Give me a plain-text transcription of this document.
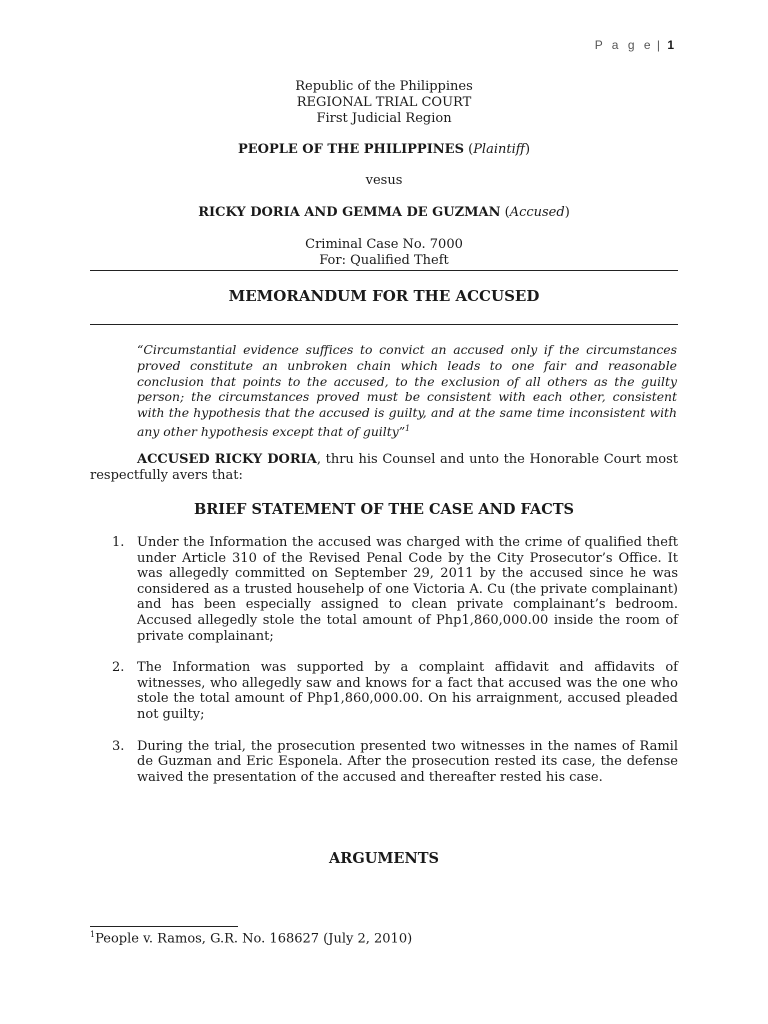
P a g e | 1
Republic of the Philippines
REGIONAL TRIAL COURT
First Judicial Region
PEOPLE OF THE PHILIPPINES (Plaintiff)
vesus
RICKY DORIA AND GEMMA DE GUZMAN (Accused)
Criminal Case No. 7000
For: Qualified Theft
MEMORANDUM FOR THE ACCUSED
“Circumstantial evidence suffices to convict an accused only if the circumstances proved constitute an unbroken chain which leads to one fair and reasonable conclusion that points to the accused, to the exclusion of all others as the guilty person; the circumstances proved must be consistent with each other, consistent with the hypothesis that the accused is guilty, and at the same time inconsistent with any other hypothesis except that of guilty”$^1$
ACCUSED RICKY DORIA, thru his Counsel and unto the Honorable Court most respectfully avers that:
BRIEF STATEMENT OF THE CASE AND FACTS
1. Under the Information the accused was charged with the crime of qualified theft under Article 310 of the Revised Penal Code by the City Prosecutor’s Office. It was allegedly committed on September 29, 2011 by the accused since he was considered as a trusted househelp of one Victoria A. Cu (the private complainant) and has been especially assigned to clean private complainant’s bedroom. Accused allegedly stole the total amount of Php1,860,000.00 inside the room of private complainant;
2. The Information was supported by a complaint affidavit and affidavits of witnesses, who allegedly saw and knows for a fact that accused was the one who stole the total amount of Php1,860,000.00. On his arraignment, accused pleaded not guilty;
3. During the trial, the prosecution presented two witnesses in the names of Ramil de Guzman and Eric Esponela. After the prosecution rested its case, the defense waived the presentation of the accused and thereafter rested his case.
ARGUMENTS
$^1$People v. Ramos, G.R. No. 168627 (July 2, 2010)
